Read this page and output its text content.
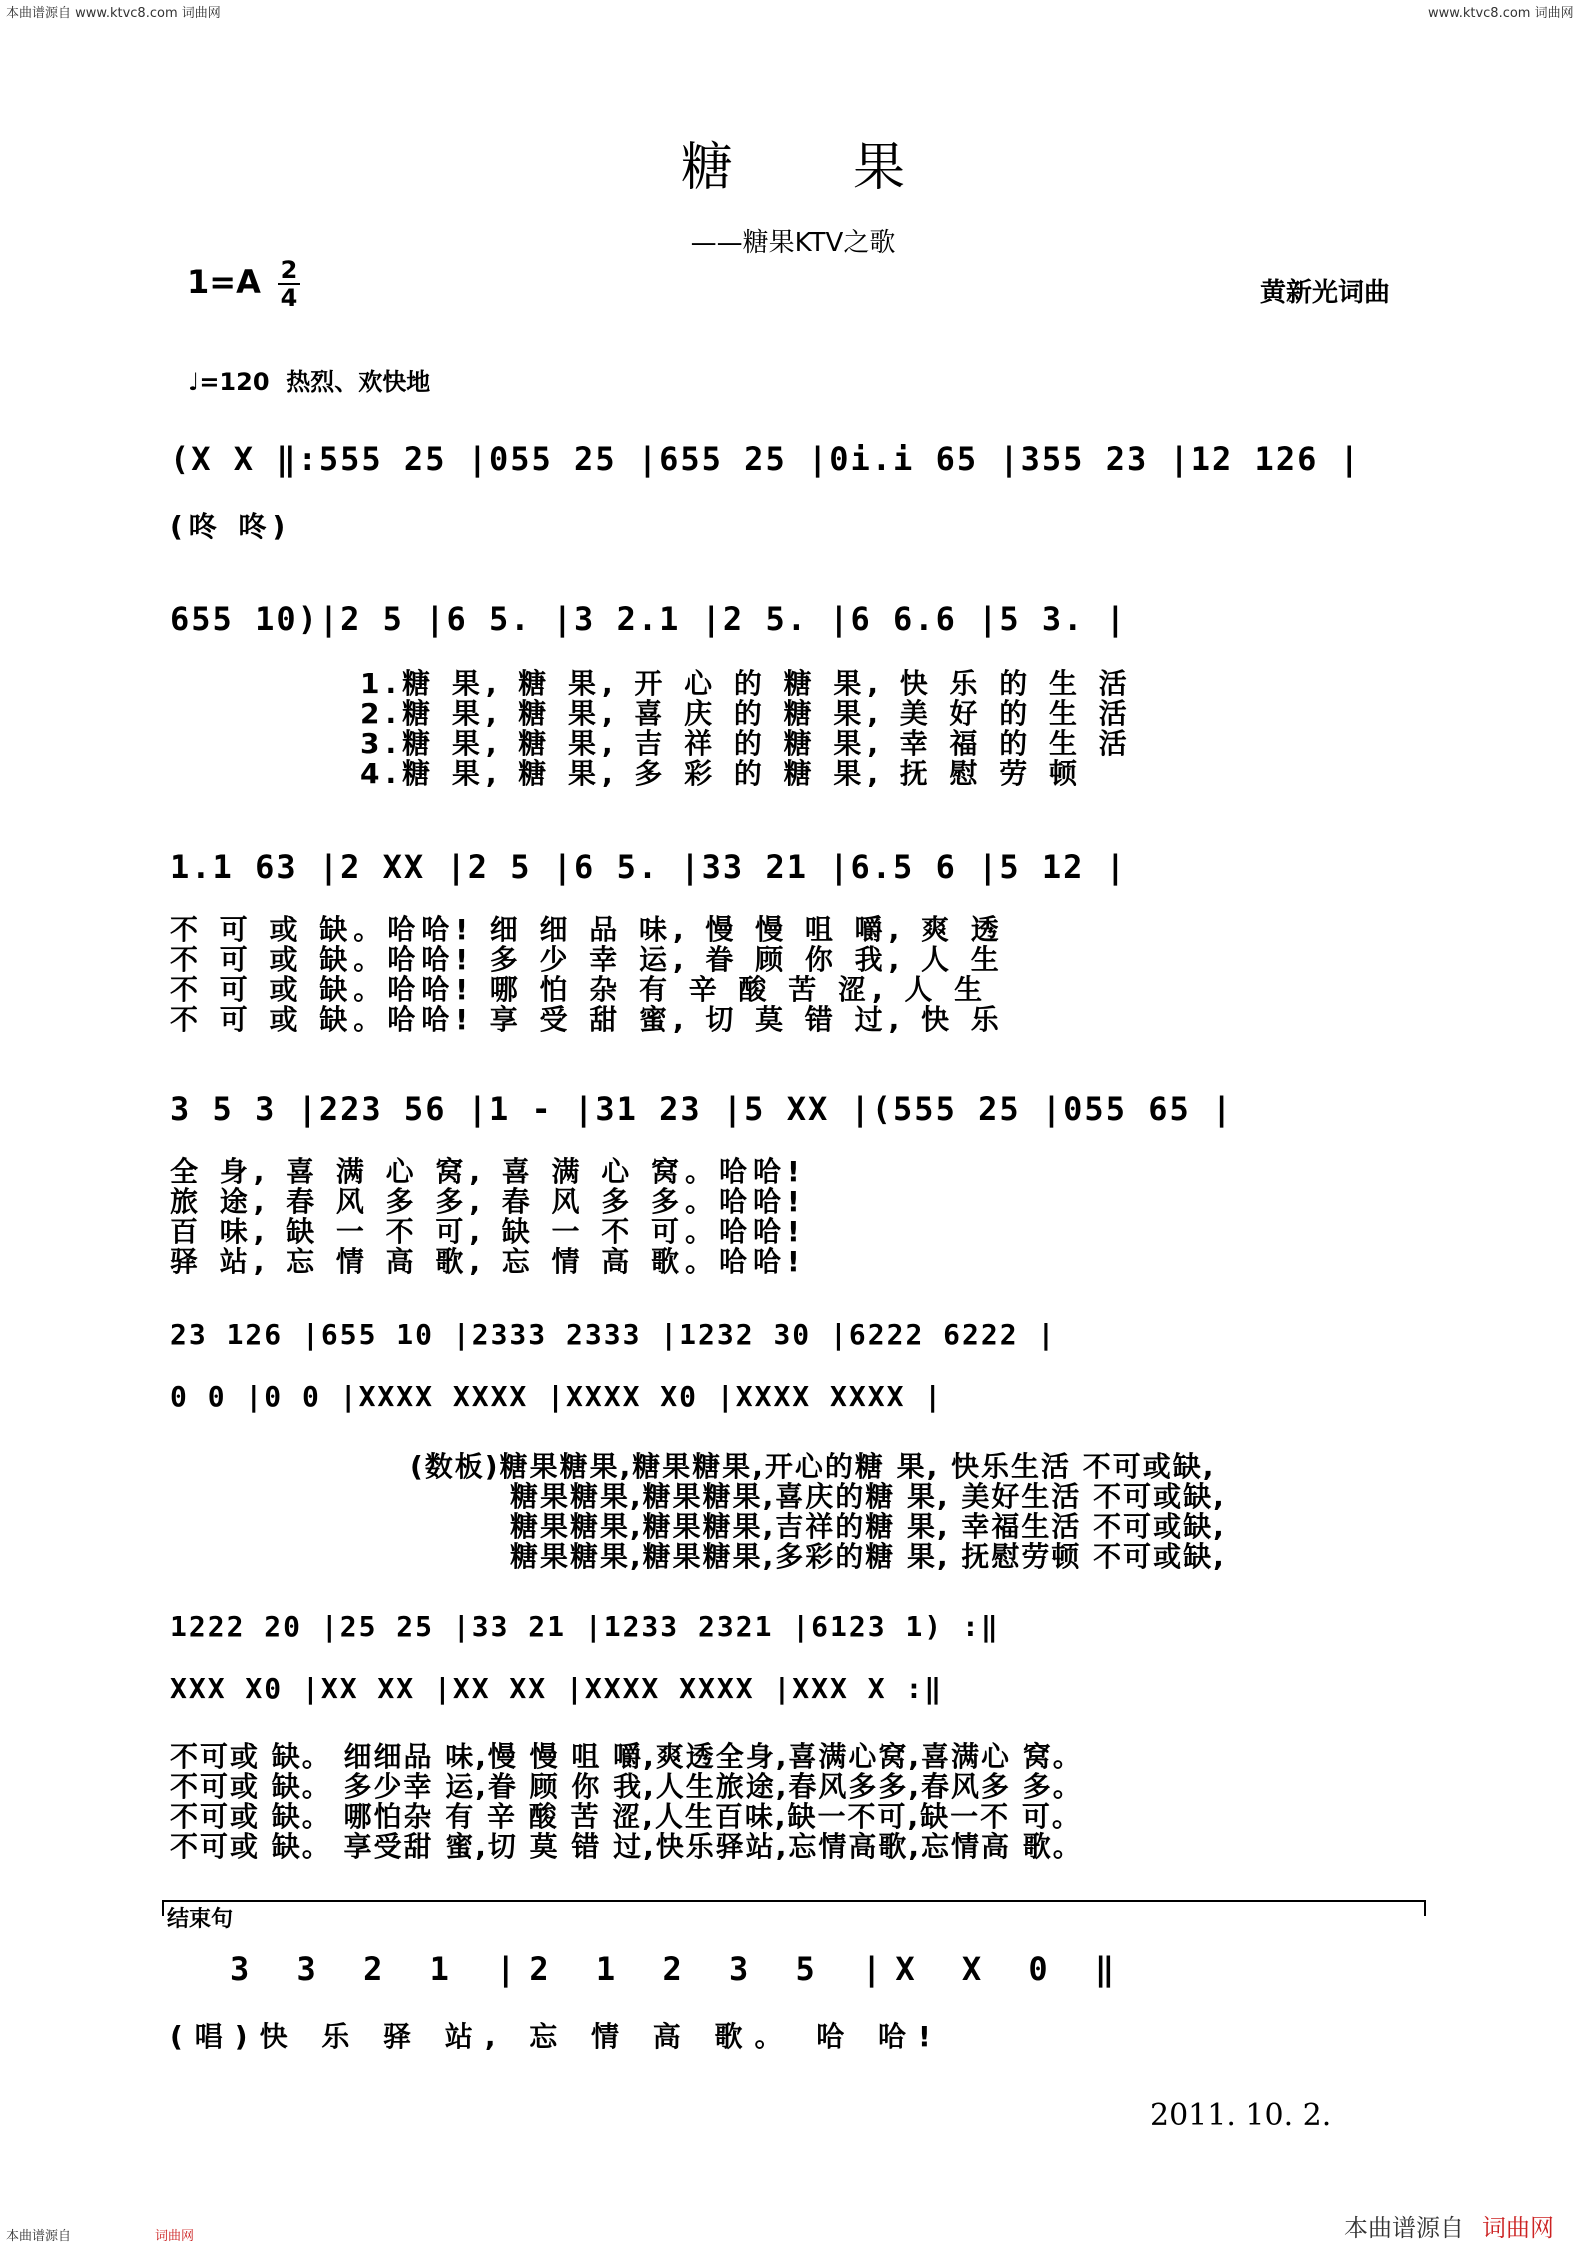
本曲谱源自 www.ktvc8.com 词曲网	www.ktvc8.com 词曲网
糖果
——糖果KTV之歌
1=A 2
4	黄新光词曲
♩=120  热烈、欢快地
(X X ‖:555 25 |055 25 |655 25 |0i.i 65 |355 23 |12 126 |
(咚 咚)
655 10)|2 5 |6 5. |3 2.1 |2 5. |6 6.6 |5 3. |
1.糖 果, 糖 果, 开 心 的 糖 果, 快 乐 的 生 活
2.糖 果, 糖 果, 喜 庆 的 糖 果, 美 好 的 生 活
3.糖 果, 糖 果, 吉 祥 的 糖 果, 幸 福 的 生 活
4.糖 果, 糖 果, 多 彩 的 糖 果, 抚 慰 劳 顿
1.1 63 |2 XX |2 5 |6 5. |33 21 |6.5 6 |5 12 |
不 可 或 缺。哈哈! 细 细 品 味, 慢 慢 咀 嚼, 爽 透
不 可 或 缺。哈哈! 多 少 幸 运, 眷 顾 你 我, 人 生
不 可 或 缺。哈哈! 哪 怕 杂 有 辛 酸 苦 涩, 人 生
不 可 或 缺。哈哈! 享 受 甜 蜜, 切 莫 错 过, 快 乐
3 5 3 |223 56 |1 - |31 23 |5 XX |(555 25 |055 65 |
全 身, 喜 满 心 窝, 喜 满 心 窝。哈哈!
旅 途, 春 风 多 多, 春 风 多 多。哈哈!
百 味, 缺 一 不 可, 缺 一 不 可。哈哈!
驿 站, 忘 情 高 歌, 忘 情 高 歌。哈哈!
23 126 |655 10 |2333 2333 |1232 30 |6222 6222 |
0 0 |0 0 |XXXX XXXX |XXXX X0 |XXXX XXXX |
(数板)糖果糖果,糖果糖果,开心的糖 果, 快乐生活 不可或缺,
糖果糖果,糖果糖果,喜庆的糖 果, 美好生活 不可或缺,
糖果糖果,糖果糖果,吉祥的糖 果, 幸福生活 不可或缺,
糖果糖果,糖果糖果,多彩的糖 果, 抚慰劳顿 不可或缺,
1222 20 |25 25 |33 21 |1233 2321 |6123 1) :‖
XXX X0 |XX XX |XX XX |XXXX XXXX |XXX X :‖
不可或 缺。 细细品 味,慢 慢 咀 嚼,爽透全身,喜满心窝,喜满心 窝。
不可或 缺。 多少幸 运,眷 顾 你 我,人生旅途,春风多多,春风多 多。
不可或 缺。 哪怕杂 有 辛 酸 苦 涩,人生百味,缺一不可,缺一不 可。
不可或 缺。 享受甜 蜜,切 莫 错 过,快乐驿站,忘情高歌,忘情高 歌。
结束句
3 3 2 1 |2 1 2 3 5 |X X 0 ‖
(唱)快 乐 驿 站, 忘 情 高 歌。 哈 哈!
2011. 10. 2.
本曲谱源自	词曲网	本曲谱源自 词曲网
